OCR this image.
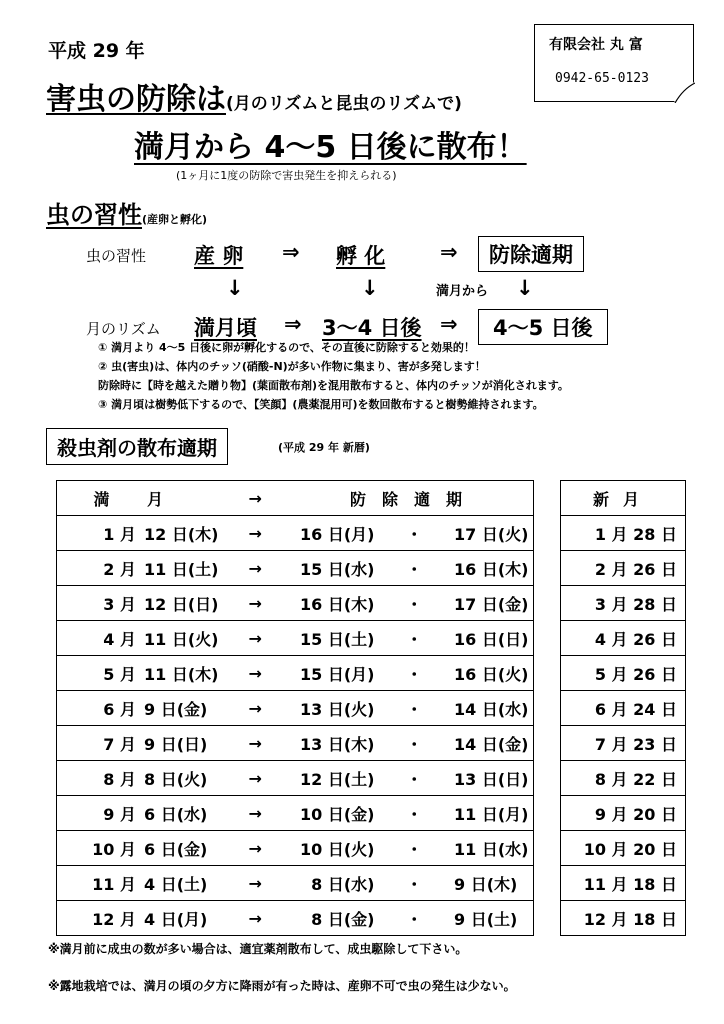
平成 29 年
害虫の防除は(月のリズムと昆虫のリズムで)
満月から 4～5 日後に散布！
(1ヶ月に1度の防除で害虫発生を抑えられる)
有限会社 丸 富
0942-65-0123
虫の習性(産卵と孵化)
虫の習性 産 卵 ⇒ 孵 化	⇒	防除適期
↓	↓	満月から ↓
月のリズム 満月頃 ⇒ 3～4 日後 ⇒	4～5 日後
① 満月より 4～5 日後に卵が孵化するので、その直後に防除すると効果的！
② 虫(害虫)は、体内のチッソ(硝酸-N)が多い作物に集まり、害が多発します！
防除時に【時を越えた贈り物】(葉面散布剤)を混用散布すると、体内のチッソが消化されます。
③ 満月頃は樹勢低下するので、【笑顔】(農薬混用可)を数回散布すると樹勢維持されます。
殺虫剤の散布適期	(平成 29 年 新暦)
満 月		→	防除適期		
1 月	12 日(木)	→	16 日(月)	・	17 日(火)
2 月	11 日(土)	→	15 日(水)	・	16 日(木)
3 月	12 日(日)	→	16 日(木)	・	17 日(金)
4 月	11 日(火)	→	15 日(土)	・	16 日(日)
5 月	11 日(木)	→	15 日(月)	・	16 日(火)
6 月	9 日(金)	→	13 日(火)	・	14 日(水)
7 月	9 日(日)	→	13 日(木)	・	14 日(金)
8 月	8 日(火)	→	12 日(土)	・	13 日(日)
9 月	6 日(水)	→	10 日(金)	・	11 日(月)
10 月	6 日(金)	→	10 日(火)	・	11 日(水)
11 月	4 日(土)	→	8 日(水)	・	9 日(木)
12 月	4 日(月)	→	8 日(金)	・	9 日(土)
新月
1 月 28 日
2 月 26 日
3 月 28 日
4 月 26 日
5 月 26 日
6 月 24 日
7 月 23 日
8 月 22 日
9 月 20 日
10 月 20 日
11 月 18 日
12 月 18 日
※満月前に成虫の数が多い場合は、適宜薬剤散布して、成虫駆除して下さい。
※露地栽培では、満月の頃の夕方に降雨が有った時は、産卵不可で虫の発生は少ない。
